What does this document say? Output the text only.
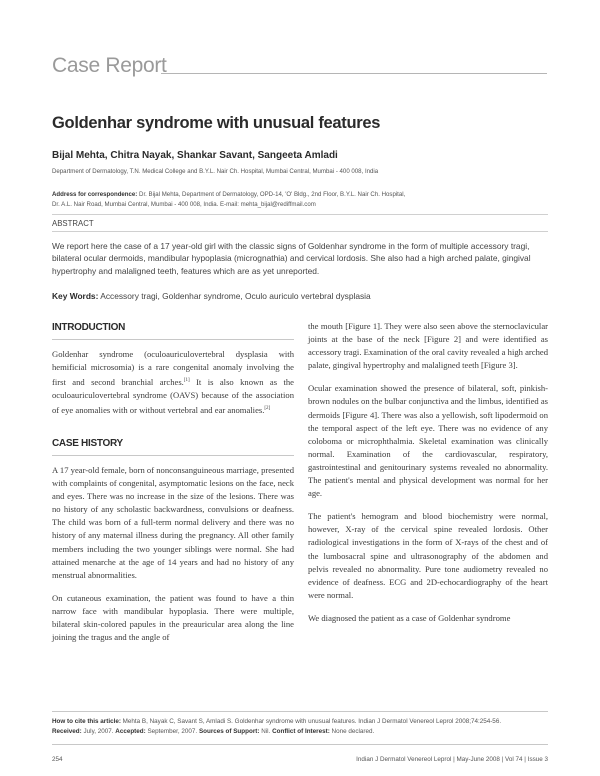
Case Report
Goldenhar syndrome with unusual features
Bijal Mehta, Chitra Nayak, Shankar Savant, Sangeeta Amladi
Department of Dermatology, T.N. Medical College and B.Y.L. Nair Ch. Hospital, Mumbai Central, Mumbai - 400 008, India
Address for correspondence: Dr. Bijal Mehta, Department of Dermatology, OPD-14, 'O' Bldg., 2nd Floor, B.Y.L. Nair Ch. Hospital,
Dr. A.L. Nair Road, Mumbai Central, Mumbai - 400 008, India. E-mail: mehta_bijal@rediffmail.com
ABSTRACT
We report here the case of a 17 year-old girl with the classic signs of Goldenhar syndrome in the form of multiple accessory tragi, bilateral ocular dermoids, mandibular hypoplasia (micrognathia) and cervical lordosis. She also had a high arched palate, gingival hypertrophy and malaligned teeth, features which are as yet unreported.
Key Words: Accessory tragi, Goldenhar syndrome, Oculo auriculo vertebral dysplasia
INTRODUCTION

Goldenhar syndrome (oculoauriculovertebral dysplasia with hemificial microsomia) is a rare congenital anomaly involving the first and second branchial arches.[1] It is also known as the oculoauriculovertebral syndrome (OAVS) because of the association of eye anomalies with or without vertebral and ear anomalies.[2]

CASE HISTORY

A 17 year-old female, born of nonconsanguineous marriage, presented with complaints of congenital, asymptomatic lesions on the face, neck and eyes. There was no increase in the size of the lesions. There was no history of any scholastic backwardness, convulsions or deafness. The child was born of a full-term normal delivery and there was no history of any maternal illness during the pregnancy. All other family members including the two younger siblings were normal. She had attained menarche at the age of 14 years and had no history of any menstrual abnormalities.

On cutaneous examination, the patient was found to have a thin narrow face with mandibular hypoplasia. There were multiple, bilateral skin-colored papules in the preauricular area along the line joining the tragus and the angle of

the mouth [Figure 1]. They were also seen above the sternoclavicular joints at the base of the neck [Figure 2] and were identified as accessory tragi. Examination of the oral cavity revealed a high arched palate, gingival hypertrophy and malaligned teeth [Figure 3].

Ocular examination showed the presence of bilateral, soft, pinkish-brown nodules on the bulbar conjunctiva and the limbus, identified as dermoids [Figure 4]. There was also a yellowish, soft lipodermoid on the temporal aspect of the left eye. There was no evidence of any coloboma or microphthalmia. Skeletal examination was clinically normal. Examination of the cardiovascular, respiratory, gastrointestinal and genitourinary systems revealed no abnormality. The patient's mental and physical development was normal for her age.

The patient's hemogram and blood biochemistry were normal, however, X-ray of the cervical spine revealed lordosis. Other radiological investigations in the form of X-rays of the chest and of the lumbosacral spine and ultrasonography of the abdomen and pelvis revealed no abnormality. Pure tone audiometry revealed no evidence of deafness. ECG and 2D-echocardiography of the heart were normal.

We diagnosed the patient as a case of Goldenhar syndrome

How to cite this article: Mehta B, Nayak C, Savant S, Amladi S. Goldenhar syndrome with unusual features. Indian J Dermatol Venereol Leprol 2008;74:254-56.
Received: July, 2007. Accepted: September, 2007. Sources of Support: Nil. Conflict of Interest: None declared.
254	Indian J Dermatol Venereol Leprol | May-June 2008 | Vol 74 | Issue 3
